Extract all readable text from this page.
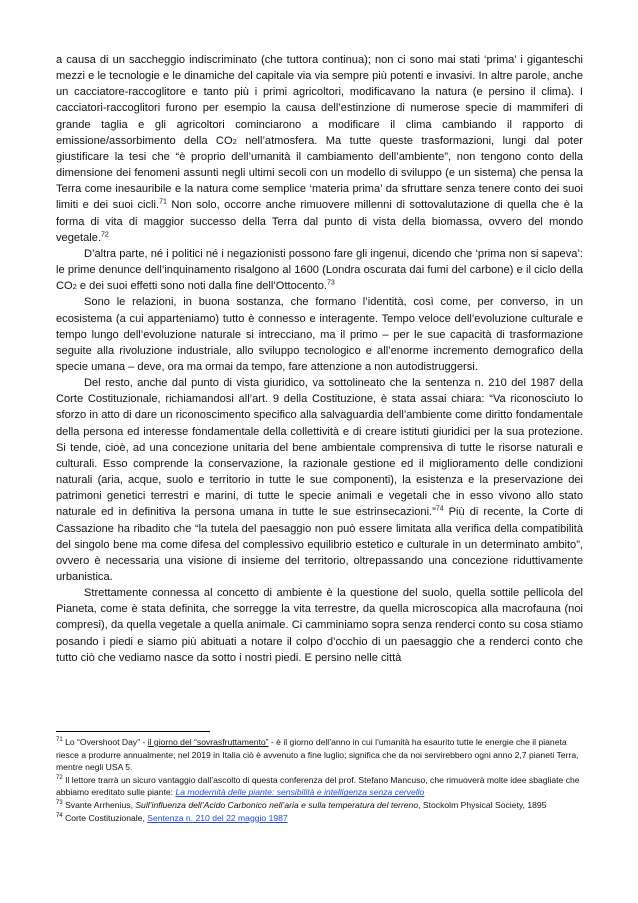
a causa di un saccheggio indiscriminato (che tuttora continua); non ci sono mai stati ‘prima’ i giganteschi mezzi e le tecnologie e le dinamiche del capitale via via sempre più potenti e invasivi. In altre parole, anche un cacciatore-raccoglitore e tanto più i primi agricoltori, modificavano la natura (e persino il clima). I cacciatori-raccoglitori furono per esempio la causa dell’estinzione di numerose specie di mammiferi di grande taglia e gli agricoltori cominciarono a modificare il clima cambiando il rapporto di emissione/assorbimento della CO2 nell’atmosfera. Ma tutte queste trasformazioni, lungi dal poter giustificare la tesi che “è proprio dell’umanità il cambiamento dell’ambiente”, non tengono conto della dimensione dei fenomeni assunti negli ultimi secoli con un modello di sviluppo (e un sistema) che pensa la Terra come inesauribile e la natura come semplice ‘materia prima’ da sfruttare senza tenere conto dei suoi limiti e dei suoi cicli.$^{71}$ Non solo, occorre anche rimuovere millenni di sottovalutazione di quella che è la forma di vita di maggior successo della Terra dal punto di vista della biomassa, ovvero del mondo vegetale.$^{72}$

D’altra parte, né i politici né i negazionisti possono fare gli ingenui, dicendo che ‘prima non si sapeva’: le prime denunce dell’inquinamento risalgono al 1600 (Londra oscurata dai fumi del carbone) e il ciclo della CO2 e dei suoi effetti sono noti dalla fine dell’Ottocento.$^{73}$

Sono le relazioni, in buona sostanza, che formano l’identità, così come, per converso, in un ecosistema (a cui apparteniamo) tutto è connesso e interagente. Tempo veloce dell’evoluzione culturale e tempo lungo dell’evoluzione naturale si intrecciano, ma il primo – per le sue capacità di trasformazione seguite alla rivoluzione industriale, allo sviluppo tecnologico e all’enorme incremento demografico della specie umana – deve, ora ma ormai da tempo, fare attenzione a non autodistruggersi.

Del resto, anche dal punto di vista giuridico, va sottolineato che la sentenza n. 210 del 1987 della Corte Costituzionale, richiamandosi all’art. 9 della Costituzione, è stata assai chiara: “Va riconosciuto lo sforzo in atto di dare un riconoscimento specifico alla salvaguardia dell’ambiente come diritto fondamentale della persona ed interesse fondamentale della collettività e di creare istituti giuridici per la sua protezione. Si tende, cioè, ad una concezione unitaria del bene ambientale comprensiva di tutte le risorse naturali e culturali. Esso comprende la conservazione, la razionale gestione ed il miglioramento delle condizioni naturali (aria, acque, suolo e territorio in tutte le sue componenti), la esistenza e la preservazione dei patrimoni genetici terrestri e marini, di tutte le specie animali e vegetali che in esso vivono allo stato naturale ed in definitiva la persona umana in tutte le sue estrinsecazioni.”$^{74}$ Più di recente, la Corte di Cassazione ha ribadito che “la tutela del paesaggio non può essere limitata alla verifica della compatibilità del singolo bene ma come difesa del complessivo equilibrio estetico e culturale in un determinato ambito”, ovvero è necessaria una visione di insieme del territorio, oltrepassando una concezione riduttivamente urbanistica.

Strettamente connessa al concetto di ambiente è la questione del suolo, quella sottile pellicola del Pianeta, come è stata definita, che sorregge la vita terrestre, da quella microscopica alla macrofauna (noi compresi), da quella vegetale a quella animale. Ci camminiamo sopra senza renderci conto su cosa stiamo posando i piedi e siamo più abituati a notare il colpo d’occhio di un paesaggio che a renderci conto che tutto ciò che vediamo nasce da sotto i nostri piedi. E persino nelle città

$^{71}$ Lo “Overshoot Day” - il giorno del “sovrasfruttamento” - è il giorno dell’anno in cui l’umanità ha esaurito tutte le energie che il pianeta riesce a produrre annualmente; nel 2019 in Italia ciò è avvenuto a fine luglio; significa che da noi servirebbero ogni anno 2,7 pianeti Terra, mentre negli USA 5.

$^{72}$ Il lettore trarrà un sicuro vantaggio dall’ascolto di questa conferenza del prof. Stefano Mancuso, che rimuoverà molte idee sbagliate che abbiamo ereditato sulle piante: La modernità delle piante: sensibilità e intelligenza senza cervello

$^{73}$ Svante Arrhenius, Sull’influenza dell’Acido Carbonico nell’aria e sulla temperatura del terreno, Stockolm Physical Society, 1895

$^{74}$ Corte Costituzionale, Sentenza n. 210 del 22 maggio 1987
